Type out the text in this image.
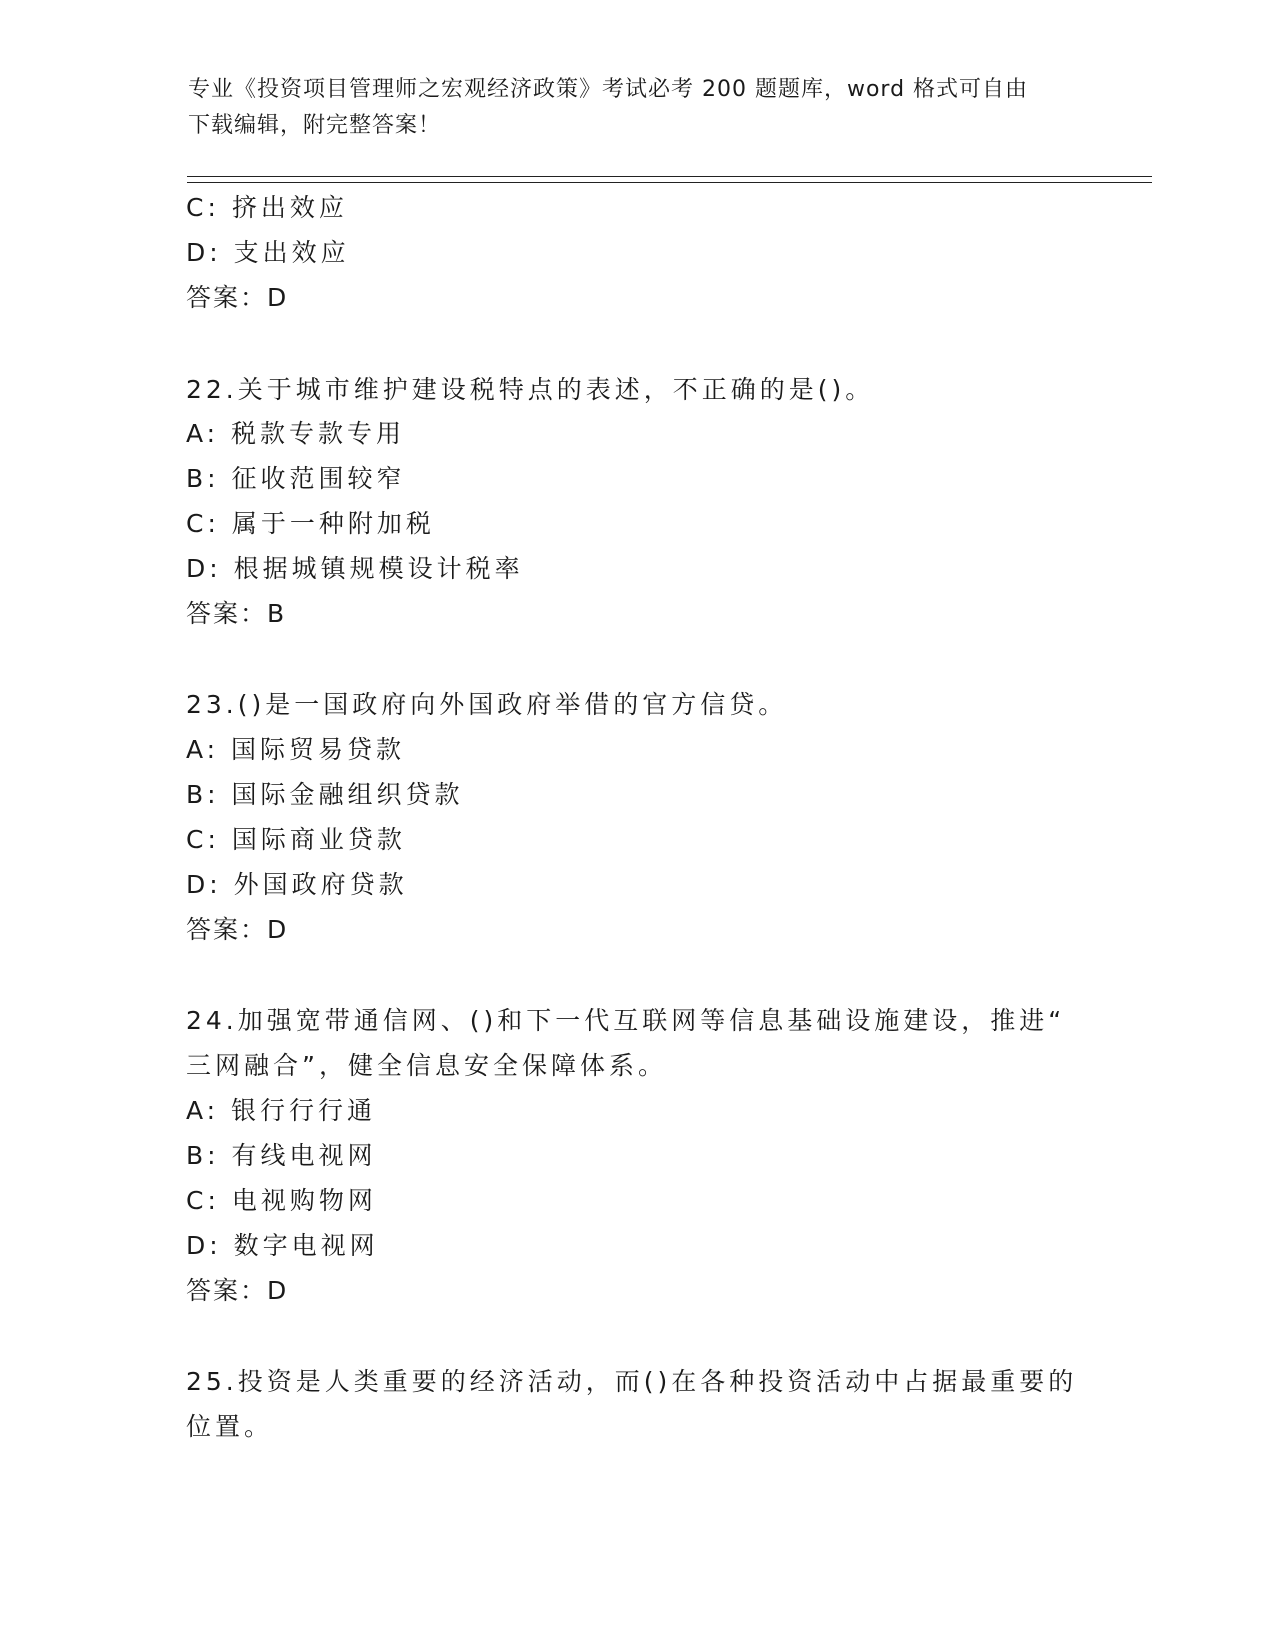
专业《投资项目管理师之宏观经济政策》考试必考 200 题题库，word 格式可自由
下载编辑，附完整答案！
C: 挤出效应
D: 支出效应
答案：D
22.关于城市维护建设税特点的表述，不正确的是()。
A: 税款专款专用
B: 征收范围较窄
C: 属于一种附加税
D: 根据城镇规模设计税率
答案：B
23.()是一国政府向外国政府举借的官方信贷。
A: 国际贸易贷款
B: 国际金融组织贷款
C: 国际商业贷款
D: 外国政府贷款
答案：D
24.加强宽带通信网、()和下一代互联网等信息基础设施建设，推进“
三网融合”，健全信息安全保障体系。
A: 银行行行通
B: 有线电视网
C: 电视购物网
D: 数字电视网
答案：D
25.投资是人类重要的经济活动，而()在各种投资活动中占据最重要的
位置。
